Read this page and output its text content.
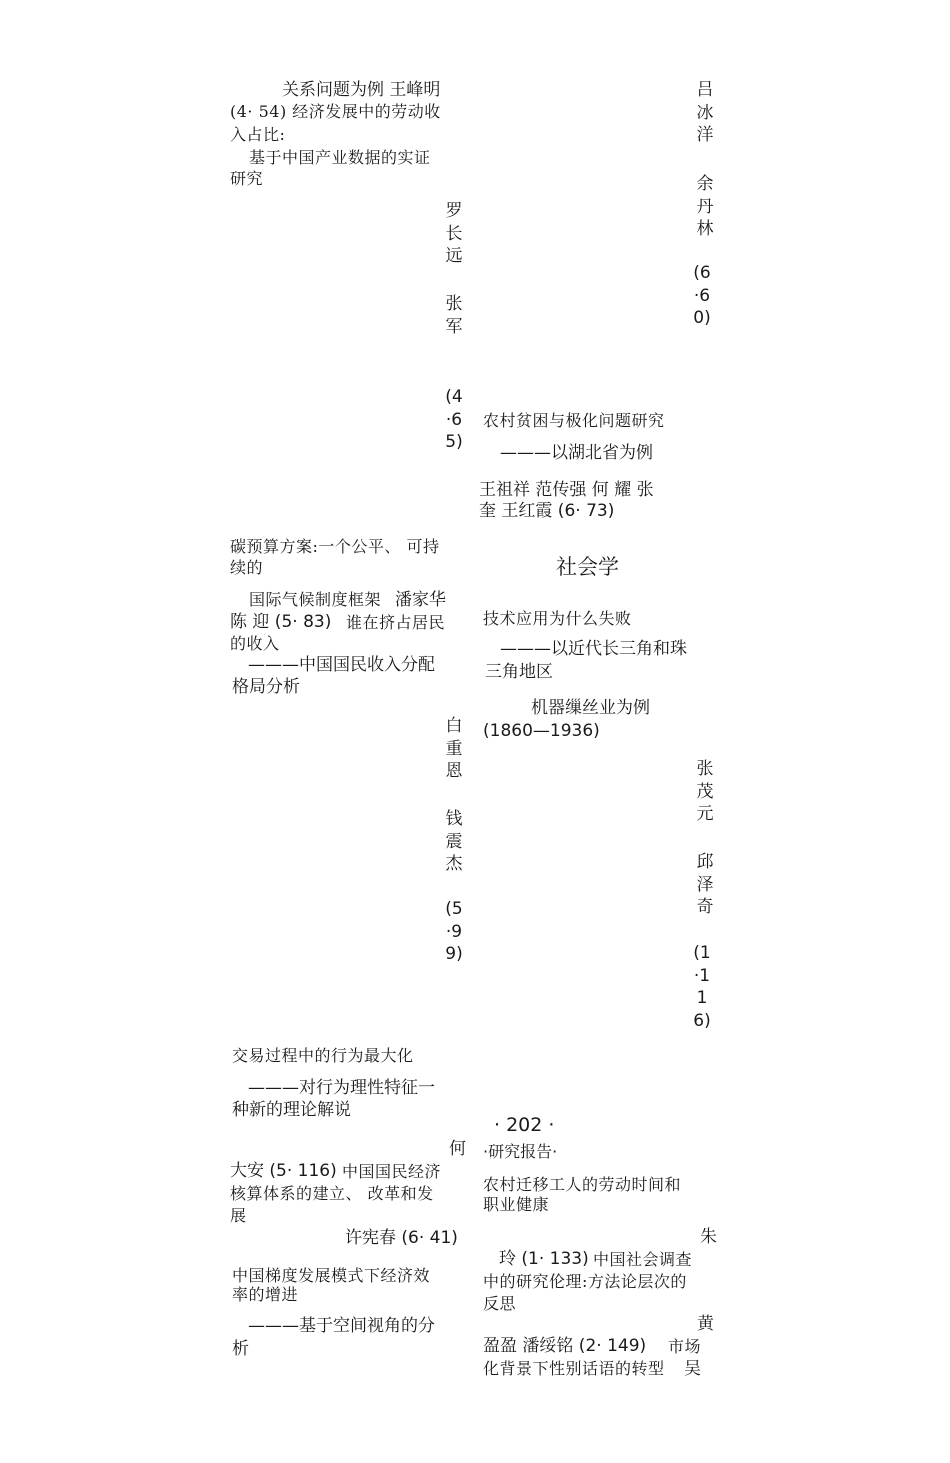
关系问题为例 王峰明
(4· 54) 经济发展中的劳动收
入占比:
基于中国产业数据的实证
研究
罗长远
张军
(4·65)
碳预算方案:一个公平、 可持
续的
国际气候制度框架 潘家华
陈 迎 (5· 83) 谁在挤占居民
的收入
———中国国民收入分配
格局分析
白重恩
钱震杰
(5·99)
交易过程中的行为最大化
———对行为理性特征一
种新的理论解说
何
大安 (5· 116) 中国国民经济
核算体系的建立、 改革和发
展
许宪春 (6· 41)
中国梯度发展模式下经济效
率的增进
———基于空间视角的分
析
吕冰洋
余丹林
(6·60)
农村贫困与极化问题研究
———以湖北省为例
王祖祥 范传强 何 耀 张
奎 王红霞 (6· 73)
社会学
技术应用为什么失败
———以近代长三角和珠
三角地区
机器缫丝业为例
(1860—1936)
张茂元
邱泽奇
(1·116)
· 202 ·
·研究报告·
农村迁移工人的劳动时间和
职业健康
朱
玲 (1· 133) 中国社会调查
中的研究伦理:方法论层次的
反思
黄
盈盈 潘绥铭 (2· 149) 市场
化背景下性别话语的转型 吴
